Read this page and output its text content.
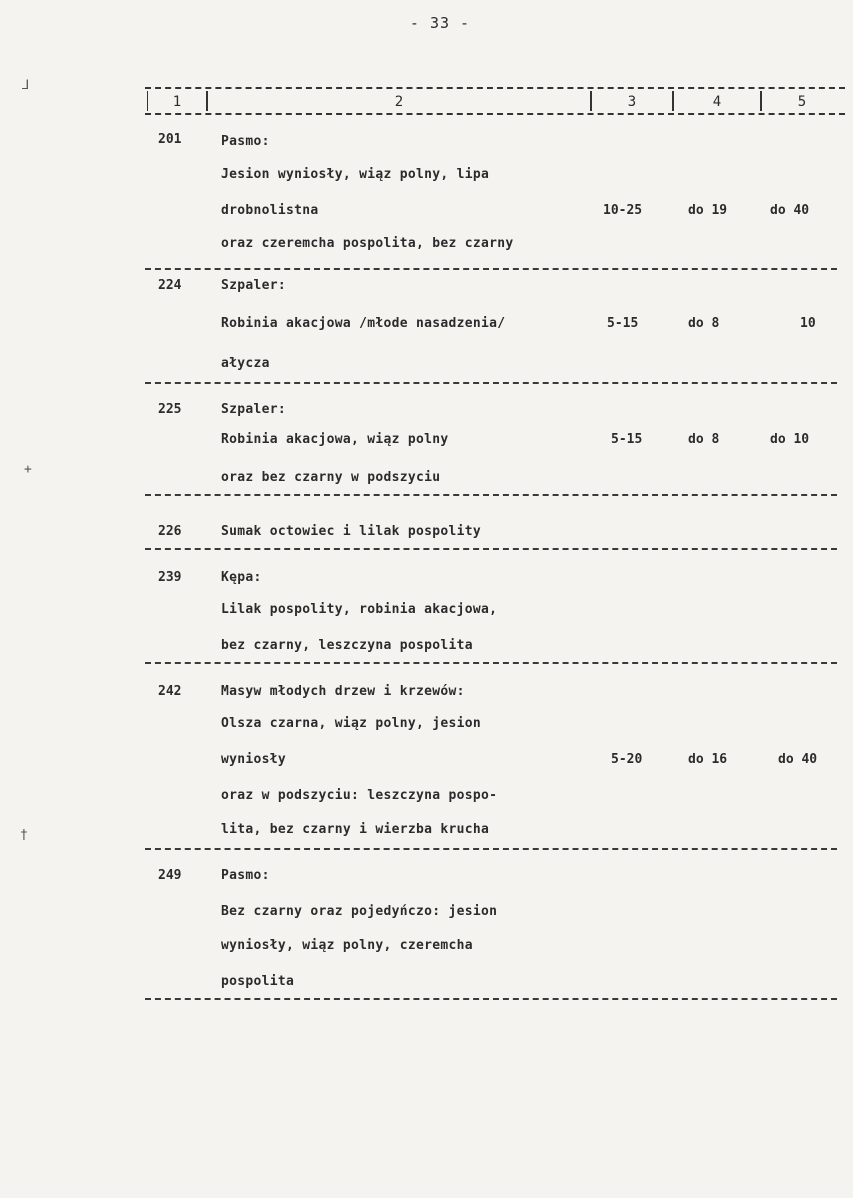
- 33 -
⅃
+
†
1	2	3	4	5
201	Pasmo:
Jesion wyniosły, wiąz polny, lipa
drobnolistna
oraz czeremcha pospolita, bez czarny
10-25	do 19	do 40
224	Szpaler:
Robinia akacjowa /młode nasadzenia/
ałycza
5-15	do 8	10
225	Szpaler:
Robinia akacjowa, wiąz polny
oraz bez czarny w podszyciu
5-15	do 8	do 10
226	Sumak octowiec i lilak pospolity
239	Kępa:
Lilak pospolity, robinia akacjowa,
bez czarny, leszczyna pospolita
242	Masyw młodych drzew i krzewów:
Olsza czarna, wiąz polny, jesion
wyniosły
oraz w podszyciu: leszczyna pospo-
lita, bez czarny i wierzba krucha
5-20	do 16	do 40
249	Pasmo:
Bez czarny oraz pojedyńczo: jesion
wyniosły, wiąz polny, czeremcha
pospolita
